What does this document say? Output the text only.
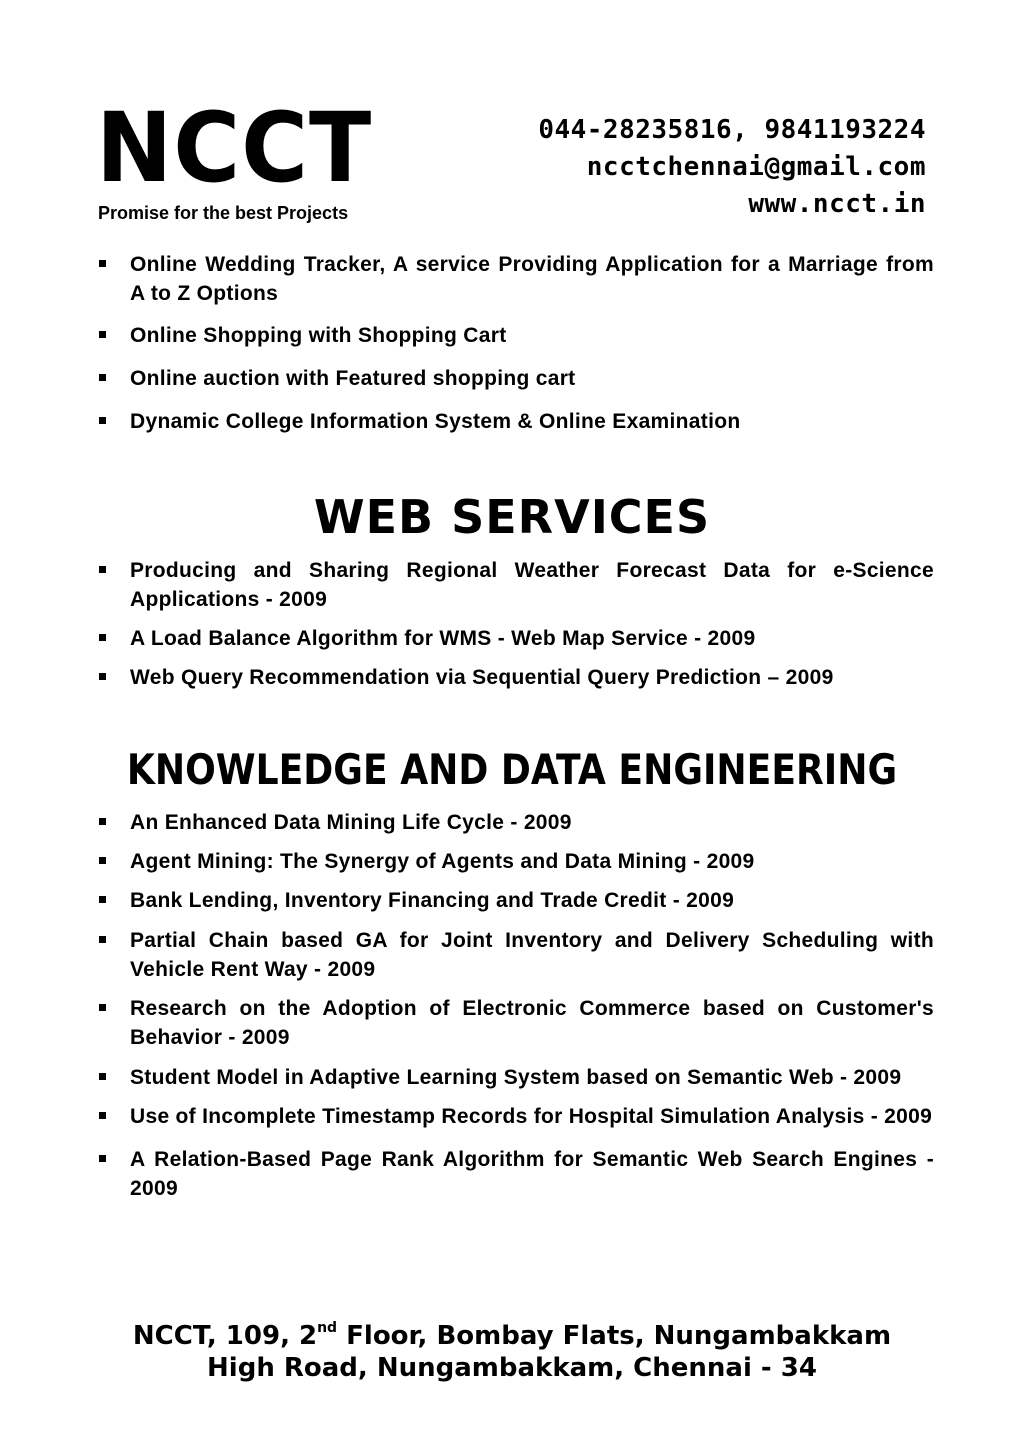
NCCT
Promise for the best Projects
044-28235816, 9841193224
ncctchennai@gmail.com
www.ncct.in
Online Wedding Tracker, A service Providing Application for a Marriage from A to Z Options
Online Shopping with Shopping Cart
Online auction with Featured shopping cart
Dynamic College Information System & Online Examination
WEB SERVICES
Producing and Sharing Regional Weather Forecast Data for e-Science Applications - 2009
A Load Balance Algorithm for WMS - Web Map Service - 2009
Web Query Recommendation via Sequential Query Prediction – 2009
KNOWLEDGE AND DATA ENGINEERING
An Enhanced Data Mining Life Cycle - 2009
Agent Mining: The Synergy of Agents and Data Mining - 2009
Bank Lending, Inventory Financing and Trade Credit - 2009
Partial Chain based GA for Joint Inventory and Delivery Scheduling with Vehicle Rent Way - 2009
Research on the Adoption of Electronic Commerce based on Customer's Behavior - 2009
Student Model in Adaptive Learning System based on Semantic Web - 2009
Use of Incomplete Timestamp Records for Hospital Simulation Analysis - 2009
A Relation-Based Page Rank Algorithm for Semantic Web Search Engines - 2009
NCCT, 109, 2nd Floor, Bombay Flats, Nungambakkam
High Road, Nungambakkam, Chennai - 34
